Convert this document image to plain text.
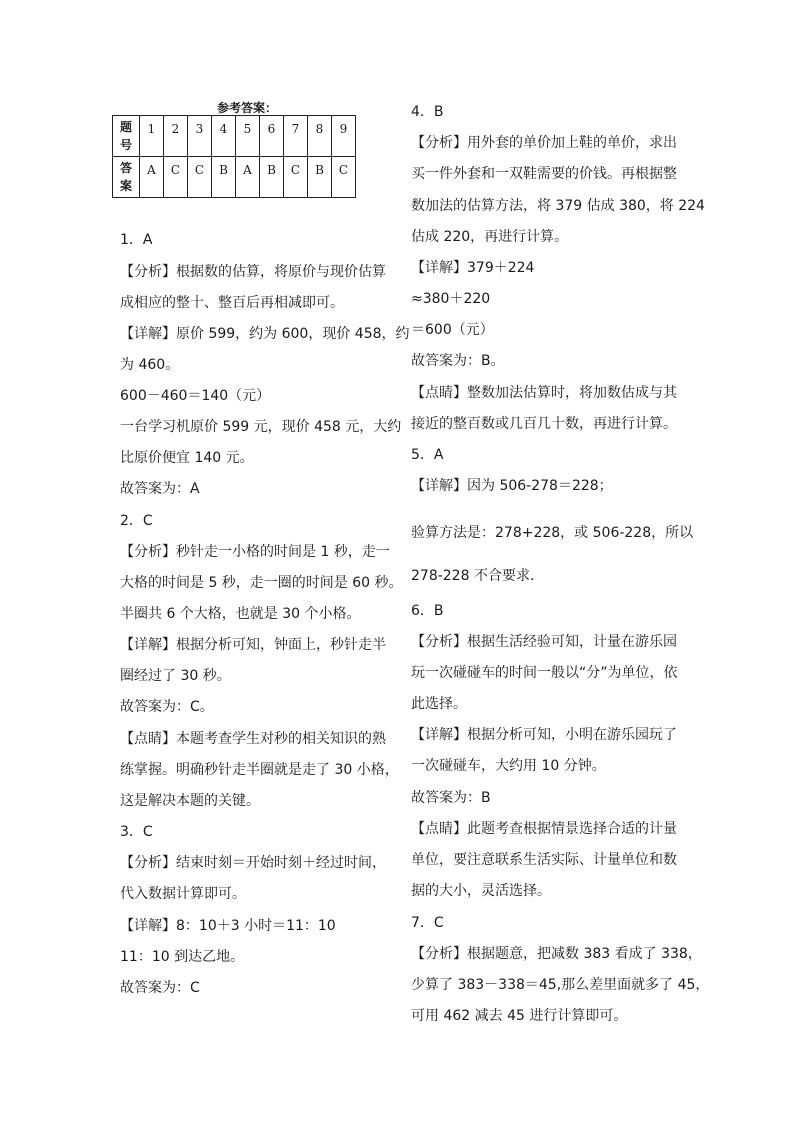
参考答案：
题
号	1	2	3	4	5	6	7	8	9
答
案	A	C	C	B	A	B	C	B	C
1．A
【分析】根据数的估算，将原价与现价估算
成相应的整十、整百后再相减即可。
【详解】原价 599，约为 600，现价 458，约
为 460。
600－460＝140（元）
一台学习机原价 599 元，现价 458 元，大约
比原价便宜 140 元。
故答案为：A
2．C
【分析】秒针走一小格的时间是 1 秒，走一
大格的时间是 5 秒，走一圈的时间是 60 秒。
半圈共 6 个大格，也就是 30 个小格。
【详解】根据分析可知，钟面上，秒针走半
圈经过了 30 秒。
故答案为：C。
【点睛】本题考查学生对秒的相关知识的熟
练掌握。明确秒针走半圈就是走了 30 小格，
这是解决本题的关键。
3．C
【分析】结束时刻＝开始时刻＋经过时间，
代入数据计算即可。
【详解】8：10＋3 小时＝11：10
11：10 到达乙地。
故答案为：C
4．B
【分析】用外套的单价加上鞋的单价，求出
买一件外套和一双鞋需要的价钱。再根据整
数加法的估算方法，将 379 估成 380，将 224
估成 220，再进行计算。
【详解】379＋224
≈380＋220
＝600（元）
故答案为：B。
【点睛】整数加法估算时，将加数估成与其
接近的整百数或几百几十数，再进行计算。
5．A
【详解】因为 506-278＝228；
验算方法是：278+228，或 506-228，所以
278-228 不合要求．
6．B
【分析】根据生活经验可知，计量在游乐园
玩一次碰碰车的时间一般以“分”为单位，依
此选择。
【详解】根据分析可知，小明在游乐园玩了
一次碰碰车，大约用 10 分钟。
故答案为：B
【点睛】此题考查根据情景选择合适的计量
单位，要注意联系生活实际、计量单位和数
据的大小，灵活选择。
7．C
【分析】根据题意，把减数 383 看成了 338，
少算了 383－338＝45,那么差里面就多了 45，
可用 462 减去 45 进行计算即可。
